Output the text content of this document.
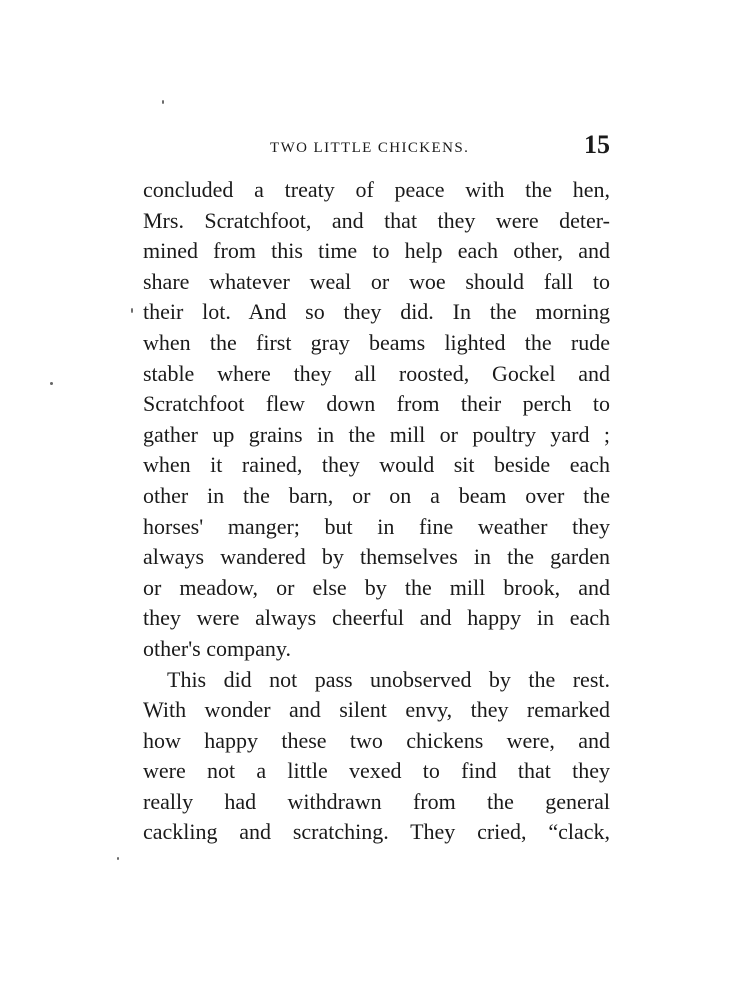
TWO LITTLE CHICKENS.	15
concluded a treaty of peace with the hen,
Mrs. Scratchfoot, and that they were deter-
mined from this time to help each other, and
share whatever weal or woe should fall to
their lot. And so they did. In the morning
when the first gray beams lighted the rude
stable where they all roosted, Gockel and
Scratchfoot flew down from their perch to
gather up grains in the mill or poultry yard ;
when it rained, they would sit beside each
other in the barn, or on a beam over the
horses' manger; but in fine weather they
always wandered by themselves in the garden
or meadow, or else by the mill brook, and
they were always cheerful and happy in each
other's company.
This did not pass unobserved by the rest.
With wonder and silent envy, they remarked
how happy these two chickens were, and
were not a little vexed to find that they
really had withdrawn from the general
cackling and scratching. They cried, “clack,
